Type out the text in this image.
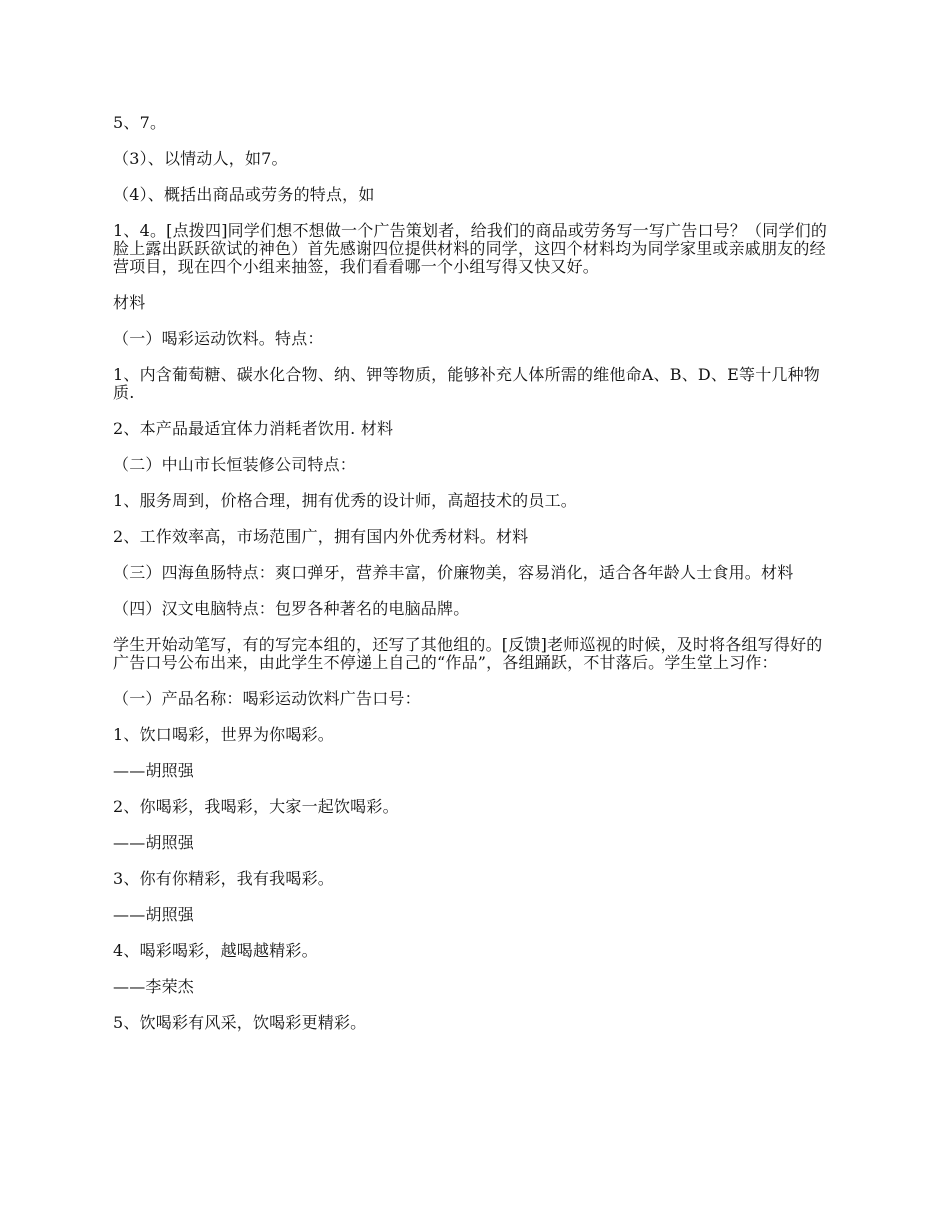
5、7。

（3）、以情动人，如7。

（4）、概括出商品或劳务的特点，如

1、4。[点拨四]同学们想不想做一个广告策划者，给我们的商品或劳务写一写广告口号？（同学们的脸上露出跃跃欲试的神色）首先感谢四位提供材料的同学，这四个材料均为同学家里或亲戚朋友的经营项目，现在四个小组来抽签，我们看看哪一个小组写得又快又好。

材料

（一）喝彩运动饮料。特点：

1、内含葡萄糖、碳水化合物、纳、钾等物质，能够补充人体所需的维他命A、B、D、E等十几种物质.

2、本产品最适宜体力消耗者饮用. 材料

（二）中山市长恒装修公司特点：

1、服务周到，价格合理，拥有优秀的设计师，高超技术的员工。

2、工作效率高，市场范围广，拥有国内外优秀材料。材料

（三）四海鱼肠特点：爽口弹牙，营养丰富，价廉物美，容易消化，适合各年龄人士食用。材料

（四）汉文电脑特点：包罗各种著名的电脑品牌。

学生开始动笔写，有的写完本组的，还写了其他组的。[反馈]老师巡视的时候，及时将各组写得好的广告口号公布出来，由此学生不停递上自己的“作品”，各组踊跃，不甘落后。学生堂上习作：

（一）产品名称：喝彩运动饮料广告口号：

1、饮口喝彩，世界为你喝彩。

——胡照强

2、你喝彩，我喝彩，大家一起饮喝彩。

——胡照强

3、你有你精彩，我有我喝彩。

——胡照强

4、喝彩喝彩，越喝越精彩。

——李荣杰

5、饮喝彩有风采，饮喝彩更精彩。
